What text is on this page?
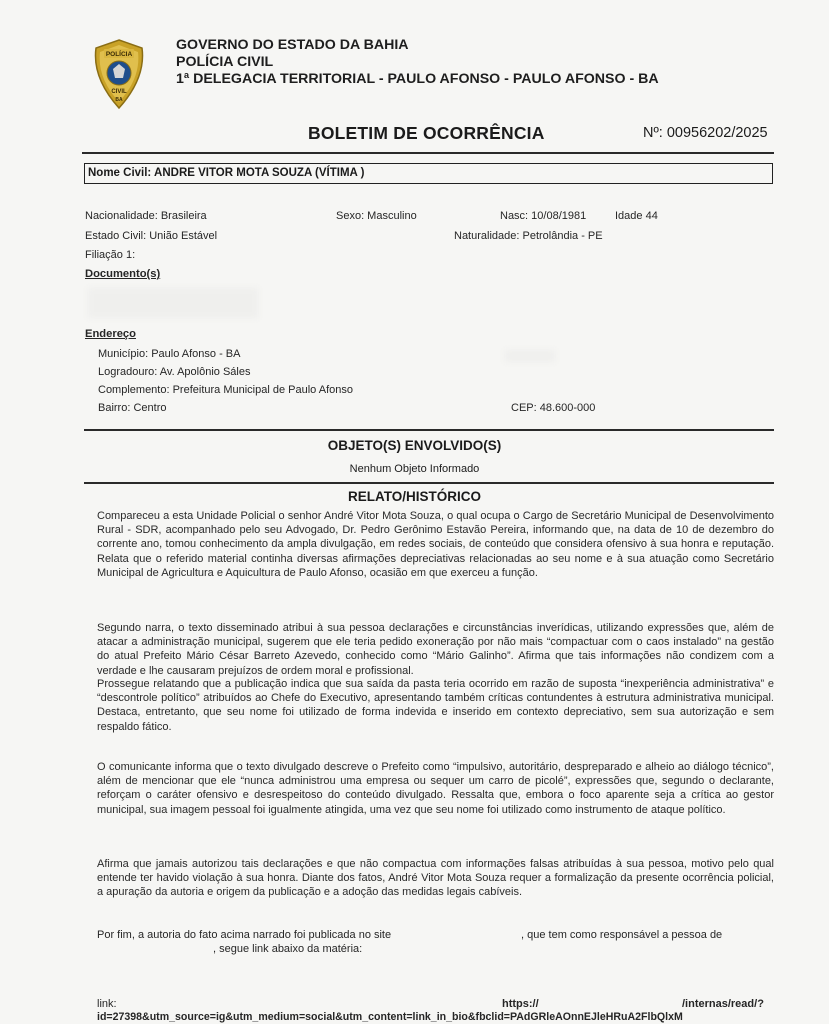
POLÍCIA
CIVIL
BA
GOVERNO DO ESTADO DA BAHIA
POLÍCIA CIVIL
1ª DELEGACIA TERRITORIAL - PAULO AFONSO - PAULO AFONSO - BA
BOLETIM DE OCORRÊNCIA	Nº: 00956202/2025
Nome Civil: ANDRE VITOR MOTA SOUZA (VÍTIMA )
Nacionalidade: Brasileira	Sexo: Masculino	Nasc: 10/08/1981	Idade 44
Estado Civil: União Estável	Naturalidade: Petrolândia - PE
Filiação 1:
Documento(s)
Endereço
Município: Paulo Afonso - BA
Logradouro: Av. Apolônio Sáles
Complemento: Prefeitura Municipal de Paulo Afonso
Bairro: Centro	CEP: 48.600-000
OBJETO(S) ENVOLVIDO(S)
Nenhum Objeto Informado
RELATO/HISTÓRICO
Compareceu a esta Unidade Policial o senhor André Vitor Mota Souza, o qual ocupa o Cargo de Secretário Municipal de Desenvolvimento Rural - SDR, acompanhado pelo seu Advogado, Dr. Pedro Gerônimo Estavão Pereira, informando que, na data de 10 de dezembro do corrente ano, tomou conhecimento da ampla divulgação, em redes sociais, de conteúdo que considera ofensivo à sua honra e reputação. Relata que o referido material continha diversas afirmações depreciativas relacionadas ao seu nome e à sua atuação como Secretário Municipal de Agricultura e Aquicultura de Paulo Afonso, ocasião em que exerceu a função.
Segundo narra, o texto disseminado atribui à sua pessoa declarações e circunstâncias inverídicas, utilizando expressões que, além de atacar a administração municipal, sugerem que ele teria pedido exoneração por não mais “compactuar com o caos instalado” na gestão do atual Prefeito Mário César Barreto Azevedo, conhecido como “Mário Galinho”. Afirma que tais informações não condizem com a verdade e lhe causaram prejuízos de ordem moral e profissional.
Prossegue relatando que a publicação indica que sua saída da pasta teria ocorrido em razão de suposta “inexperiência administrativa” e “descontrole político” atribuídos ao Chefe do Executivo, apresentando também críticas contundentes à estrutura administrativa municipal. Destaca, entretanto, que seu nome foi utilizado de forma indevida e inserido em contexto depreciativo, sem sua autorização e sem respaldo fático.
O comunicante informa que o texto divulgado descreve o Prefeito como “impulsivo, autoritário, despreparado e alheio ao diálogo técnico”, além de mencionar que ele “nunca administrou uma empresa ou sequer um carro de picolé”, expressões que, segundo o declarante, reforçam o caráter ofensivo e desrespeitoso do conteúdo divulgado. Ressalta que, embora o foco aparente seja a crítica ao gestor municipal, sua imagem pessoal foi igualmente atingida, uma vez que seu nome foi utilizado como instrumento de ataque político.
Afirma que jamais autorizou tais declarações e que não compactua com informações falsas atribuídas à sua pessoa, motivo pelo qual entende ter havido violação à sua honra. Diante dos fatos, André Vitor Mota Souza requer a formalização da presente ocorrência policial, a apuração da autoria e origem da publicação e a adoção das medidas legais cabíveis.
Por fim, a autoria do fato acima narrado foi publicada no site	, que tem como responsável a pessoa de
, segue link abaixo da matéria:
link:	https://	/internas/read/?
id=27398&utm_source=ig&utm_medium=social&utm_content=link_in_bio&fbclid=PAdGRleAOnnEJleHRuA2FlbQlxM
